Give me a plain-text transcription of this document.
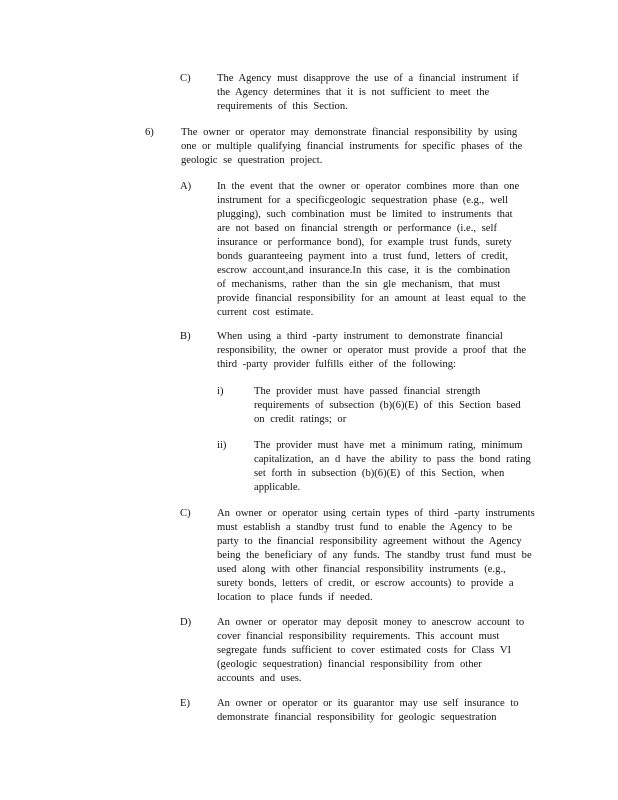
C) The Agency must disapprove the use of a financial instrument if
the Agency determines that it is not sufficient to meet the
requirements of this Section.
6)	The owner or operator may demonstrate financial responsibility by using
one or multiple qualifying financial instruments for specific phases of the
geologic se questration project.
A) In the event that the owner or operator combines more than one
instrument for a specificgeologic sequestration phase (e.g., well
plugging), such combination must be limited to instruments that
are not based on financial strength or performance (i.e., self
insurance or performance bond), for example trust funds, surety
bonds guaranteeing payment into a trust fund, letters of credit,
escrow account,and insurance.In this case, it is the combination
of mechanisms, rather than the sin gle mechanism, that must
provide financial responsibility for an amount at least equal to the
current cost estimate.
B) When using a third -party instrument to demonstrate financial
responsibility, the owner or operator must provide a proof that the
third -party provider fulfills either of the following:
i)	The provider must have passed financial strength
requirements of subsection (b)(6)(E) of this Section based
on credit ratings; or
ii)	The provider must have met a minimum rating, minimum
capitalization, an d have the ability to pass the bond rating
set forth in subsection (b)(6)(E) of this Section, when
applicable.
C) An owner or operator using certain types of third -party instruments
must establish a standby trust fund to enable the Agency to be
party to the financial responsibility agreement without the Agency
being the beneficiary of any funds. The standby trust fund must be
used along with other financial responsibility instruments (e.g.,
surety bonds, letters of credit, or escrow accounts) to provide a
location to place funds if needed.
D) An owner or operator may deposit money to anescrow account to
cover financial responsibility requirements. This account must
segregate funds sufficient to cover estimated costs for Class VI
(geologic sequestration) financial responsibility from other
accounts and uses.
E)	An owner or operator or its guarantor may use self insurance to
demonstrate financial responsibility for geologic sequestration
